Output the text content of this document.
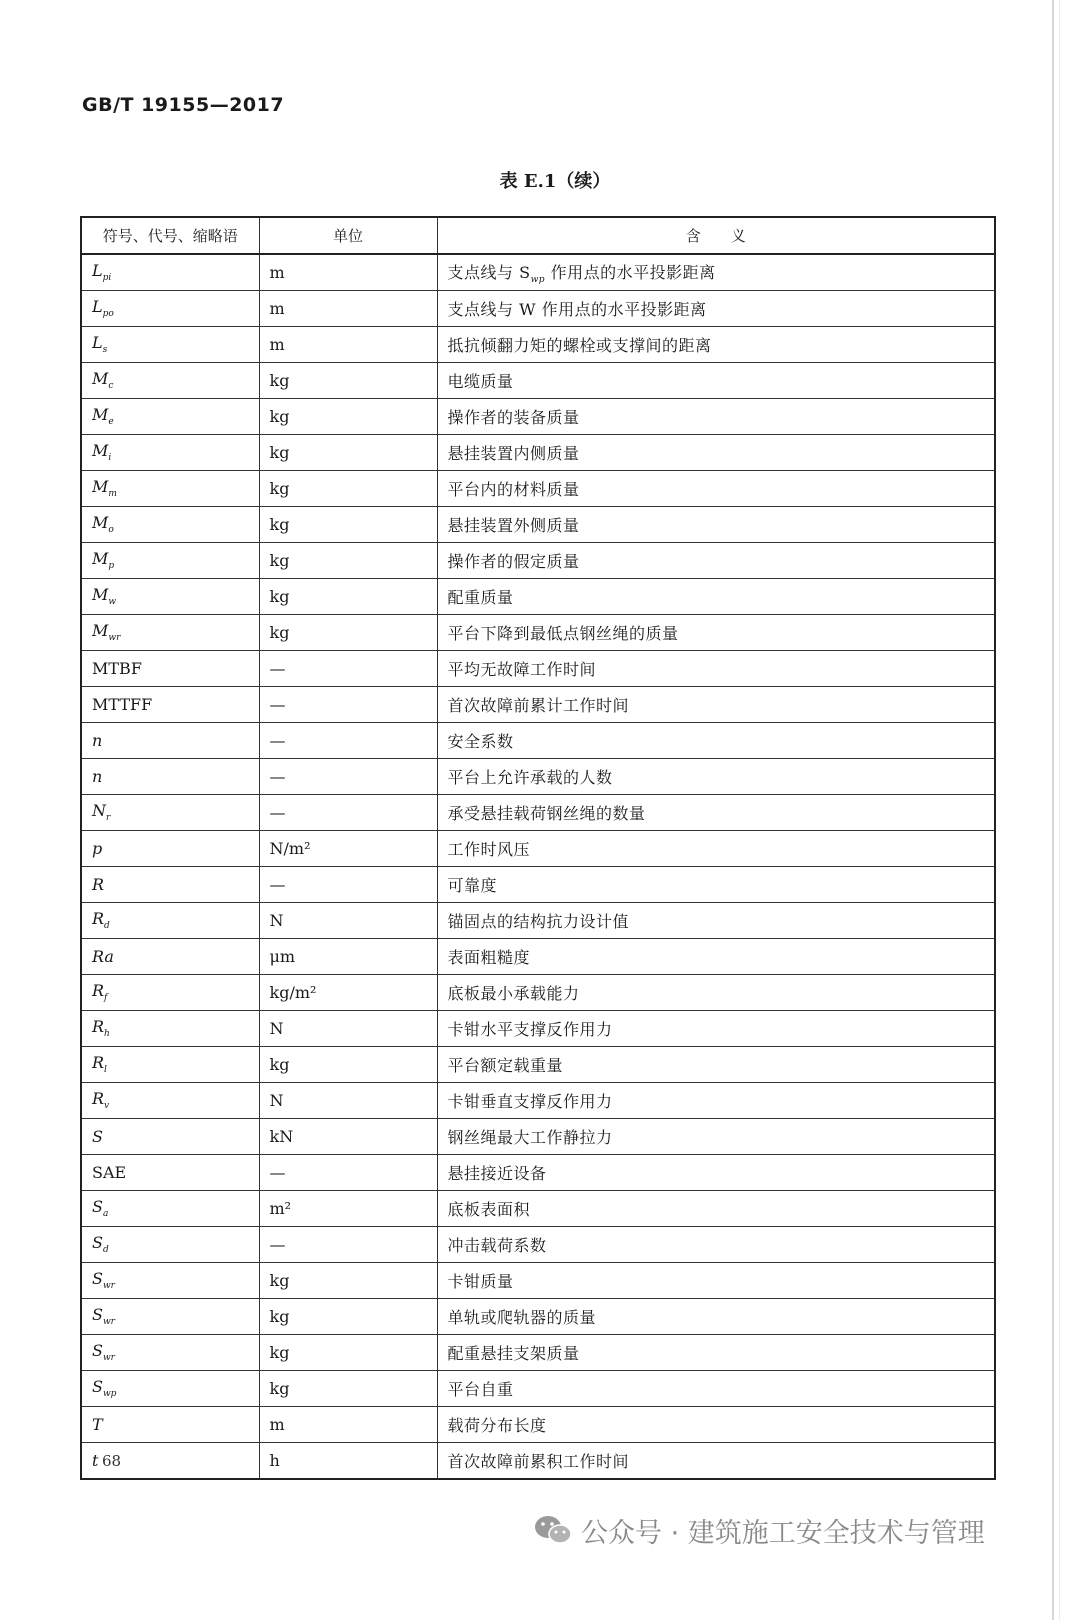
GB/T 19155—2017
表 E.1（续）
符号、代号、缩略语	单位	含　　义
$L_{pi}$	m	支点线与 $S_{wp}$ 作用点的水平投影距离
$L_{po}$	m	支点线与 W 作用点的水平投影距离
$L_s$	m	抵抗倾翻力矩的螺栓或支撑间的距离
$M_c$	kg	电缆质量
$M_e$	kg	操作者的装备质量
$M_i$	kg	悬挂装置内侧质量
$M_m$	kg	平台内的材料质量
$M_o$	kg	悬挂装置外侧质量
$M_p$	kg	操作者的假定质量
$M_w$	kg	配重质量
$M_{wr}$	kg	平台下降到最低点钢丝绳的质量
MTBF	—	平均无故障工作时间
MTTFF	—	首次故障前累计工作时间
n	—	安全系数
n	—	平台上允许承载的人数
$N_r$	—	承受悬挂载荷钢丝绳的数量
p	N/m²	工作时风压
R	—	可靠度
$R_d$	N	锚固点的结构抗力设计值
Ra	μm	表面粗糙度
$R_f$	kg/m²	底板最小承载能力
$R_h$	N	卡钳水平支撑反作用力
$R_l$	kg	平台额定载重量
$R_v$	N	卡钳垂直支撑反作用力
S	kN	钢丝绳最大工作静拉力
SAE	—	悬挂接近设备
$S_a$	m²	底板表面积
$S_d$	—	冲击载荷系数
$S_{wr}$	kg	卡钳质量
$S_{wr}$	kg	单轨或爬轨器的质量
$S_{wr}$	kg	配重悬挂支架质量
$S_{wp}$	kg	平台自重
T	m	载荷分布长度
t	h	首次故障前累积工作时间
68
公众号 · 建筑施工安全技术与管理
